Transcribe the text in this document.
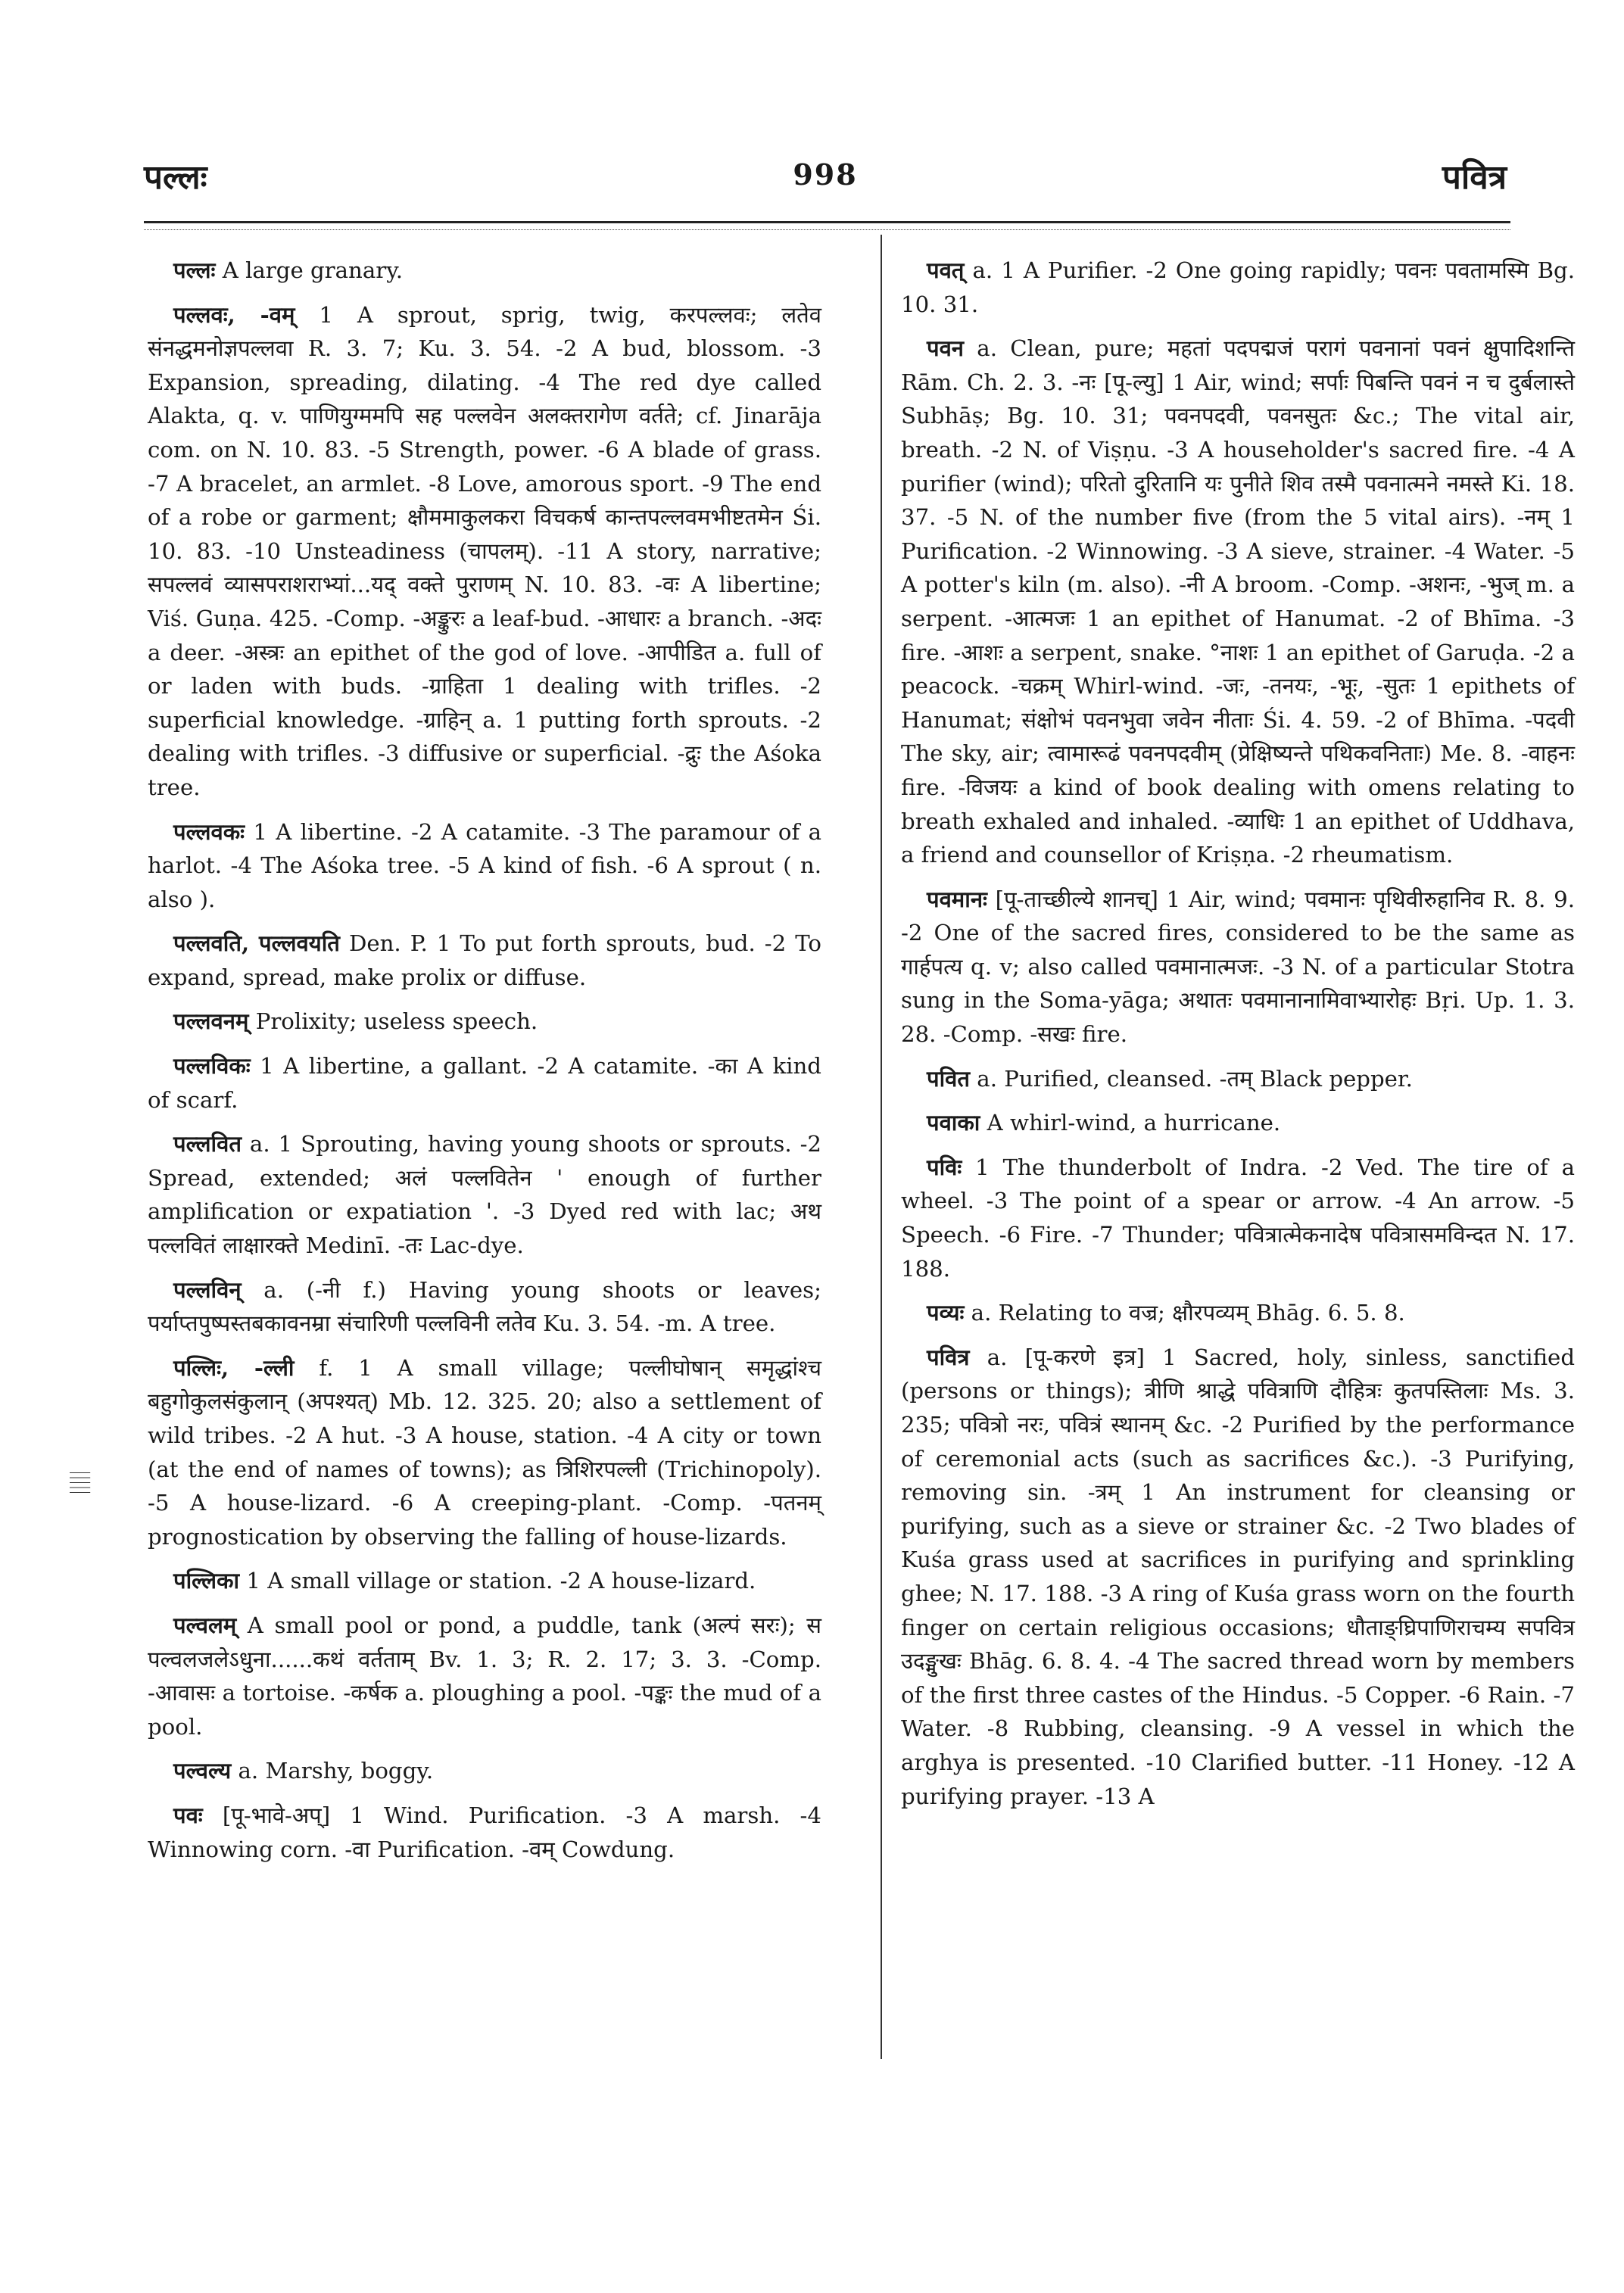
पल्लः	998	पवित्र
𝄚

पल्लः A large granary.

पल्लवः, -वम् 1 A sprout, sprig, twig, करपल्लवः; लतेव संनद्धमनोज्ञपल्लवा R. 3. 7; Ku. 3. 54. -2 A bud, blossom. -3 Expansion, spreading, dilating. -4 The red dye called Alakta, q. v. पाणियुग्ममपि सह पल्लवेन अलक्तरागेण वर्तते; cf. Jinarāja com. on N. 10. 83. -5 Strength, power. -6 A blade of grass. -7 A bracelet, an armlet. -8 Love, amorous sport. -9 The end of a robe or garment; क्षौममाकुलकरा विचकर्ष कान्तपल्लवमभीष्टतमेन Śi. 10. 83. -10 Unsteadiness (चापलम्). -11 A story, narrative; सपल्लवं व्यासपराशराभ्यां...यद् वक्ते पुराणम् N. 10. 83. -वः A libertine; Viś. Guṇa. 425. -Comp. -अङ्कुरः a leaf-bud. -आधारः a branch. -अदः a deer. -अस्त्रः an epithet of the god of love. -आपीडित a. full of or laden with buds. -ग्राहिता 1 dealing with trifles. -2 superficial knowledge. -ग्राहिन् a. 1 putting forth sprouts. -2 dealing with trifles. -3 diffusive or superficial. -द्रुः the Aśoka tree.

पल्लवकः 1 A libertine. -2 A catamite. -3 The paramour of a harlot. -4 The Aśoka tree. -5 A kind of fish. -6 A sprout ( n. also ).

पल्लवति, पल्लवयति Den. P. 1 To put forth sprouts, bud. -2 To expand, spread, make prolix or diffuse.

पल्लवनम् Prolixity; useless speech.

पल्लविकः 1 A libertine, a gallant. -2 A catamite. -का A kind of scarf.

पल्लवित a. 1 Sprouting, having young shoots or sprouts. -2 Spread, extended; अलं पल्लवितेन ' enough of further amplification or expatiation '. -3 Dyed red with lac; अथ पल्लवितं लाक्षारक्ते Medinī. -तः Lac-dye.

पल्लविन् a. (-नी f.) Having young shoots or leaves; पर्याप्तपुष्पस्तबकावनम्रा संचारिणी पल्लविनी लतेव Ku. 3. 54. -m. A tree.

पल्लिः, -ल्ली f. 1 A small village; पल्लीघोषान् समृद्धांश्च बहुगोकुलसंकुलान् (अपश्यत्) Mb. 12. 325. 20; also a settlement of wild tribes. -2 A hut. -3 A house, station. -4 A city or town (at the end of names of towns); as त्रिशिरपल्ली (Trichinopoly). -5 A house-lizard. -6 A creeping-plant. -Comp. -पतनम् prognostication by observing the falling of house-lizards.

पल्लिका 1 A small village or station. -2 A house-lizard.

पल्वलम् A small pool or pond, a puddle, tank (अल्पं सरः); स पल्वलजलेऽधुना......कथं वर्तताम् Bv. 1. 3; R. 2. 17; 3. 3. -Comp. -आवासः a tortoise. -कर्षक a. ploughing a pool. -पङ्कः the mud of a pool.

पल्वल्य a. Marshy, boggy.

पवः [पू-भावे-अप्] 1 Wind. Purification. -3 A marsh. -4 Winnowing corn. -वा Purification. -वम् Cowdung.

पवत् a. 1 A Purifier. -2 One going rapidly; पवनः पवतामस्मि Bg. 10. 31.

पवन a. Clean, pure; महतां पदपद्मजं परागं पवनानां पवनं क्षुपादिशन्ति Rām. Ch. 2. 3. -नः [पू-ल्यु] 1 Air, wind; सर्पाः पिबन्ति पवनं न च दुर्बलास्ते Subhāṣ; Bg. 10. 31; पवनपदवी, पवनसुतः &c.; The vital air, breath. -2 N. of Viṣṇu. -3 A householder's sacred fire. -4 A purifier (wind); परितो दुरितानि यः पुनीते शिव तस्मै पवनात्मने नमस्ते Ki. 18. 37. -5 N. of the number five (from the 5 vital airs). -नम् 1 Purification. -2 Winnowing. -3 A sieve, strainer. -4 Water. -5 A potter's kiln (m. also). -नी A broom. -Comp. -अशनः, -भुज् m. a serpent. -आत्मजः 1 an epithet of Hanumat. -2 of Bhīma. -3 fire. -आशः a serpent, snake. °नाशः 1 an epithet of Garuḍa. -2 a peacock. -चक्रम् Whirl-wind. -जः, -तनयः, -भूः, -सुतः 1 epithets of Hanumat; संक्षोभं पवनभुवा जवेन नीताः Śi. 4. 59. -2 of Bhīma. -पदवी The sky, air; त्वामारूढं पवनपदवीम् (प्रेक्षिष्यन्ते पथिकवनिताः) Me. 8. -वाहनः fire. -विजयः a kind of book dealing with omens relating to breath exhaled and inhaled. -व्याधिः 1 an epithet of Uddhava, a friend and counsellor of Kriṣṇa. -2 rheumatism.

पवमानः [पू-ताच्छील्ये शानच्] 1 Air, wind; पवमानः पृथिवीरुहानिव R. 8. 9. -2 One of the sacred fires, considered to be the same as गार्हपत्य q. v; also called पवमानात्मजः. -3 N. of a particular Stotra sung in the Soma-yāga; अथातः पवमानानामिवाभ्यारोहः Bṛi. Up. 1. 3. 28. -Comp. -सखः fire.

पवित a. Purified, cleansed. -तम् Black pepper.

पवाका A whirl-wind, a hurricane.

पविः 1 The thunderbolt of Indra. -2 Ved. The tire of a wheel. -3 The point of a spear or arrow. -4 An arrow. -5 Speech. -6 Fire. -7 Thunder; पवित्रात्मेकनादेष पवित्रासमविन्दत N. 17. 188.

पव्यः a. Relating to वज्र; क्षौरपव्यम् Bhāg. 6. 5. 8.

पवित्र a. [पू-करणे इत्र] 1 Sacred, holy, sinless, sanctified (persons or things); त्रीणि श्राद्धे पवित्राणि दौहित्रः कुतपस्तिलाः Ms. 3. 235; पवित्रो नरः, पवित्रं स्थानम् &c. -2 Purified by the performance of ceremonial acts (such as sacrifices &c.). -3 Purifying, removing sin. -त्रम् 1 An instrument for cleansing or purifying, such as a sieve or strainer &c. -2 Two blades of Kuśa grass used at sacrifices in purifying and sprinkling ghee; N. 17. 188. -3 A ring of Kuśa grass worn on the fourth finger on certain religious occasions; धौताङ्घ्रिपाणिराचम्य सपवित्र उदङ्मुखः Bhāg. 6. 8. 4. -4 The sacred thread worn by members of the first three castes of the Hindus. -5 Copper. -6 Rain. -7 Water. -8 Rubbing, cleansing. -9 A vessel in which the arghya is presented. -10 Clarified butter. -11 Honey. -12 A purifying prayer. -13 A
